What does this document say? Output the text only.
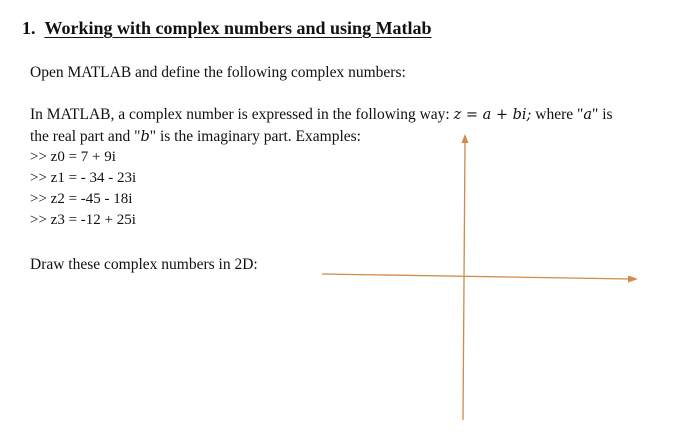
1. Working with complex numbers and using Matlab
Open MATLAB and define the following complex numbers:
In MATLAB, a complex number is expressed in the following way: z = a + bi; where "a" is
the real part and "b" is the imaginary part. Examples:
>> z0 = 7 + 9i
>> z1 = - 34 - 23i
>> z2 = -45 - 18i
>> z3 = -12 + 25i
Draw these complex numbers in 2D:
